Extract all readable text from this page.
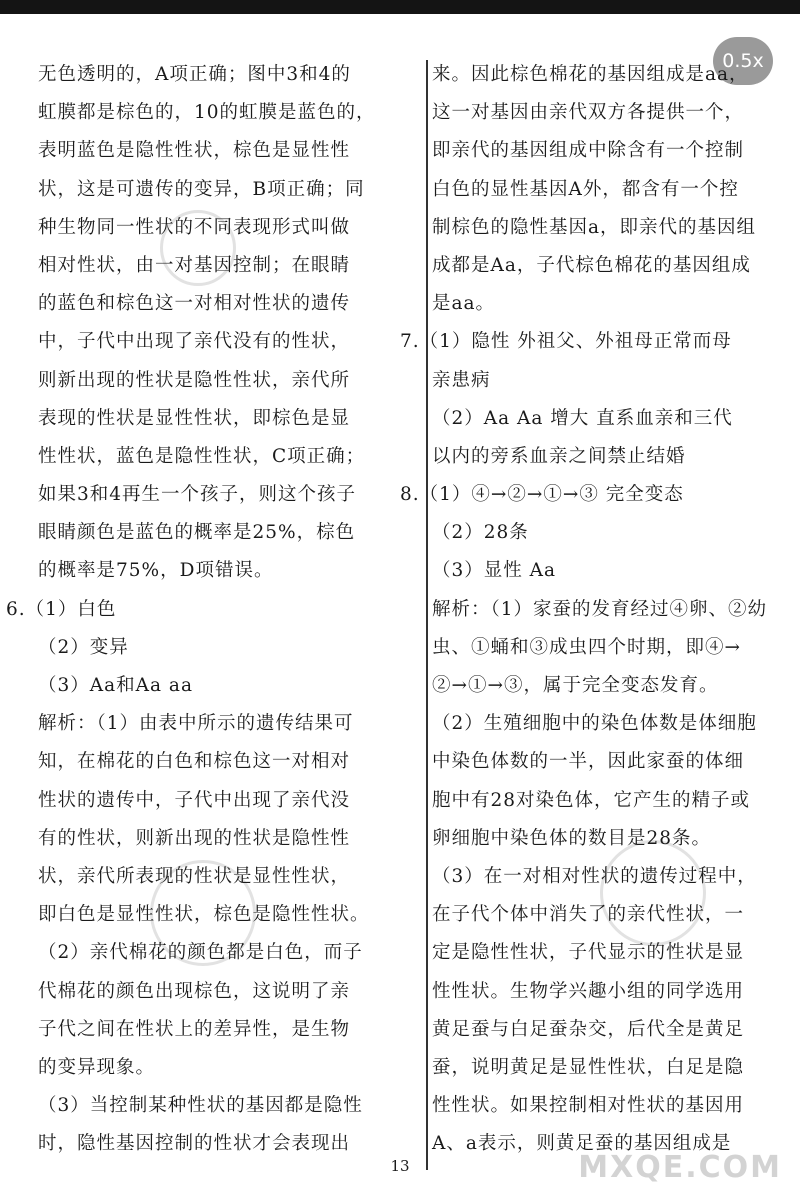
0.5x
无色透明的，A项正确；图中3和4的
虹膜都是棕色的，10的虹膜是蓝色的，
表明蓝色是隐性性状，棕色是显性性
状，这是可遗传的变异，B项正确；同
种生物同一性状的不同表现形式叫做
相对性状，由一对基因控制；在眼睛
的蓝色和棕色这一对相对性状的遗传
中，子代中出现了亲代没有的性状，
则新出现的性状是隐性性状，亲代所
表现的性状是显性性状，即棕色是显
性性状，蓝色是隐性性状，C项正确；
如果3和4再生一个孩子，则这个孩子
眼睛颜色是蓝色的概率是25%，棕色
的概率是75%，D项错误。
6.（1）白色
（2）变异
（3）Aa和Aa aa
解析：（1）由表中所示的遗传结果可
知，在棉花的白色和棕色这一对相对
性状的遗传中，子代中出现了亲代没
有的性状，则新出现的性状是隐性性
状，亲代所表现的性状是显性性状，
即白色是显性性状，棕色是隐性性状。
（2）亲代棉花的颜色都是白色，而子
代棉花的颜色出现棕色，这说明了亲
子代之间在性状上的差异性，是生物
的变异现象。
（3）当控制某种性状的基因都是隐性
时，隐性基因控制的性状才会表现出
来。因此棕色棉花的基因组成是aa，
这一对基因由亲代双方各提供一个，
即亲代的基因组成中除含有一个控制
白色的显性基因A外，都含有一个控
制棕色的隐性基因a，即亲代的基因组
成都是Aa，子代棕色棉花的基因组成
是aa。
7.（1）隐性 外祖父、外祖母正常而母
亲患病
（2）Aa Aa 增大 直系血亲和三代
以内的旁系血亲之间禁止结婚
8.（1）④→②→①→③ 完全变态
（2）28条
（3）显性 Aa
解析：（1）家蚕的发育经过④卵、②幼
虫、①蛹和③成虫四个时期，即④→
②→①→③，属于完全变态发育。
（2）生殖细胞中的染色体数是体细胞
中染色体数的一半，因此家蚕的体细
胞中有28对染色体，它产生的精子或
卵细胞中染色体的数目是28条。
（3）在一对相对性状的遗传过程中，
在子代个体中消失了的亲代性状，一
定是隐性性状，子代显示的性状是显
性性状。生物学兴趣小组的同学选用
黄足蚕与白足蚕杂交，后代全是黄足
蚕，说明黄足是显性性状，白足是隐
性性状。如果控制相对性状的基因用
A、a表示，则黄足蚕的基因组成是
13	MXQE.COM
